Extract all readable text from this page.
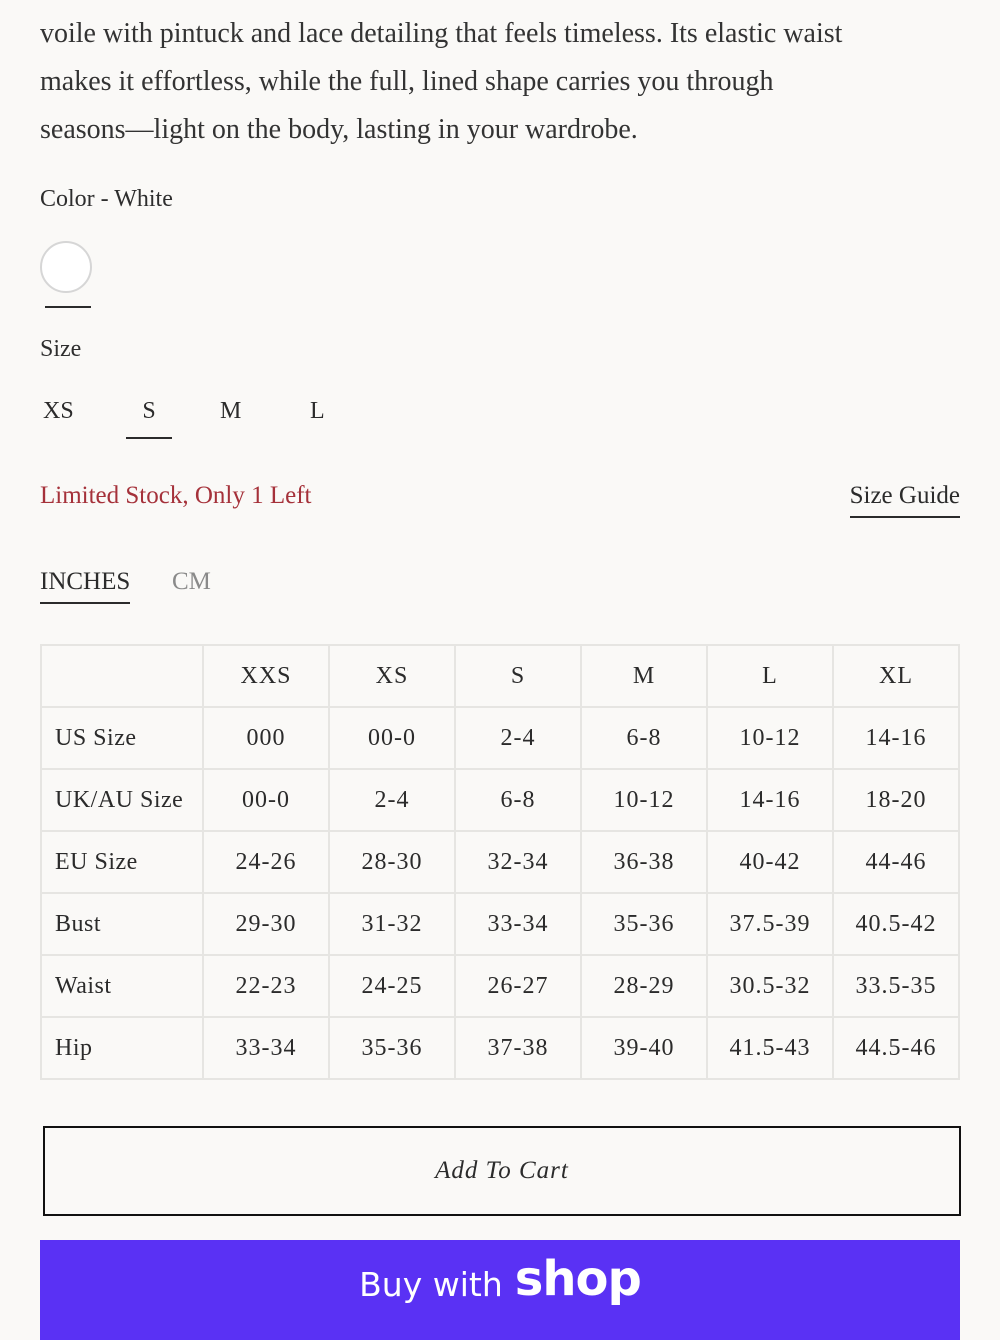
voile with pintuck and lace detailing that feels timeless. Its elastic waist
makes it effortless, while the full, lined shape carries you through
seasons—light on the body, lasting in your wardrobe.

Color - White
Size
XS	S	M	L
Limited Stock, Only 1 Left	Size Guide
INCHES CM
	XXS	XS	S	M	L	XL
US Size	000	00-0	2-4	6-8	10-12	14-16
UK/AU Size	00-0	2-4	6-8	10-12	14-16	18-20
EU Size	24-26	28-30	32-34	36-38	40-42	44-46
Bust	29-30	31-32	33-34	35-36	37.5-39	40.5-42
Waist	22-23	24-25	26-27	28-29	30.5-32	33.5-35
Hip	33-34	35-36	37-38	39-40	41.5-43	44.5-46
Add To Cart
Buy with shop
